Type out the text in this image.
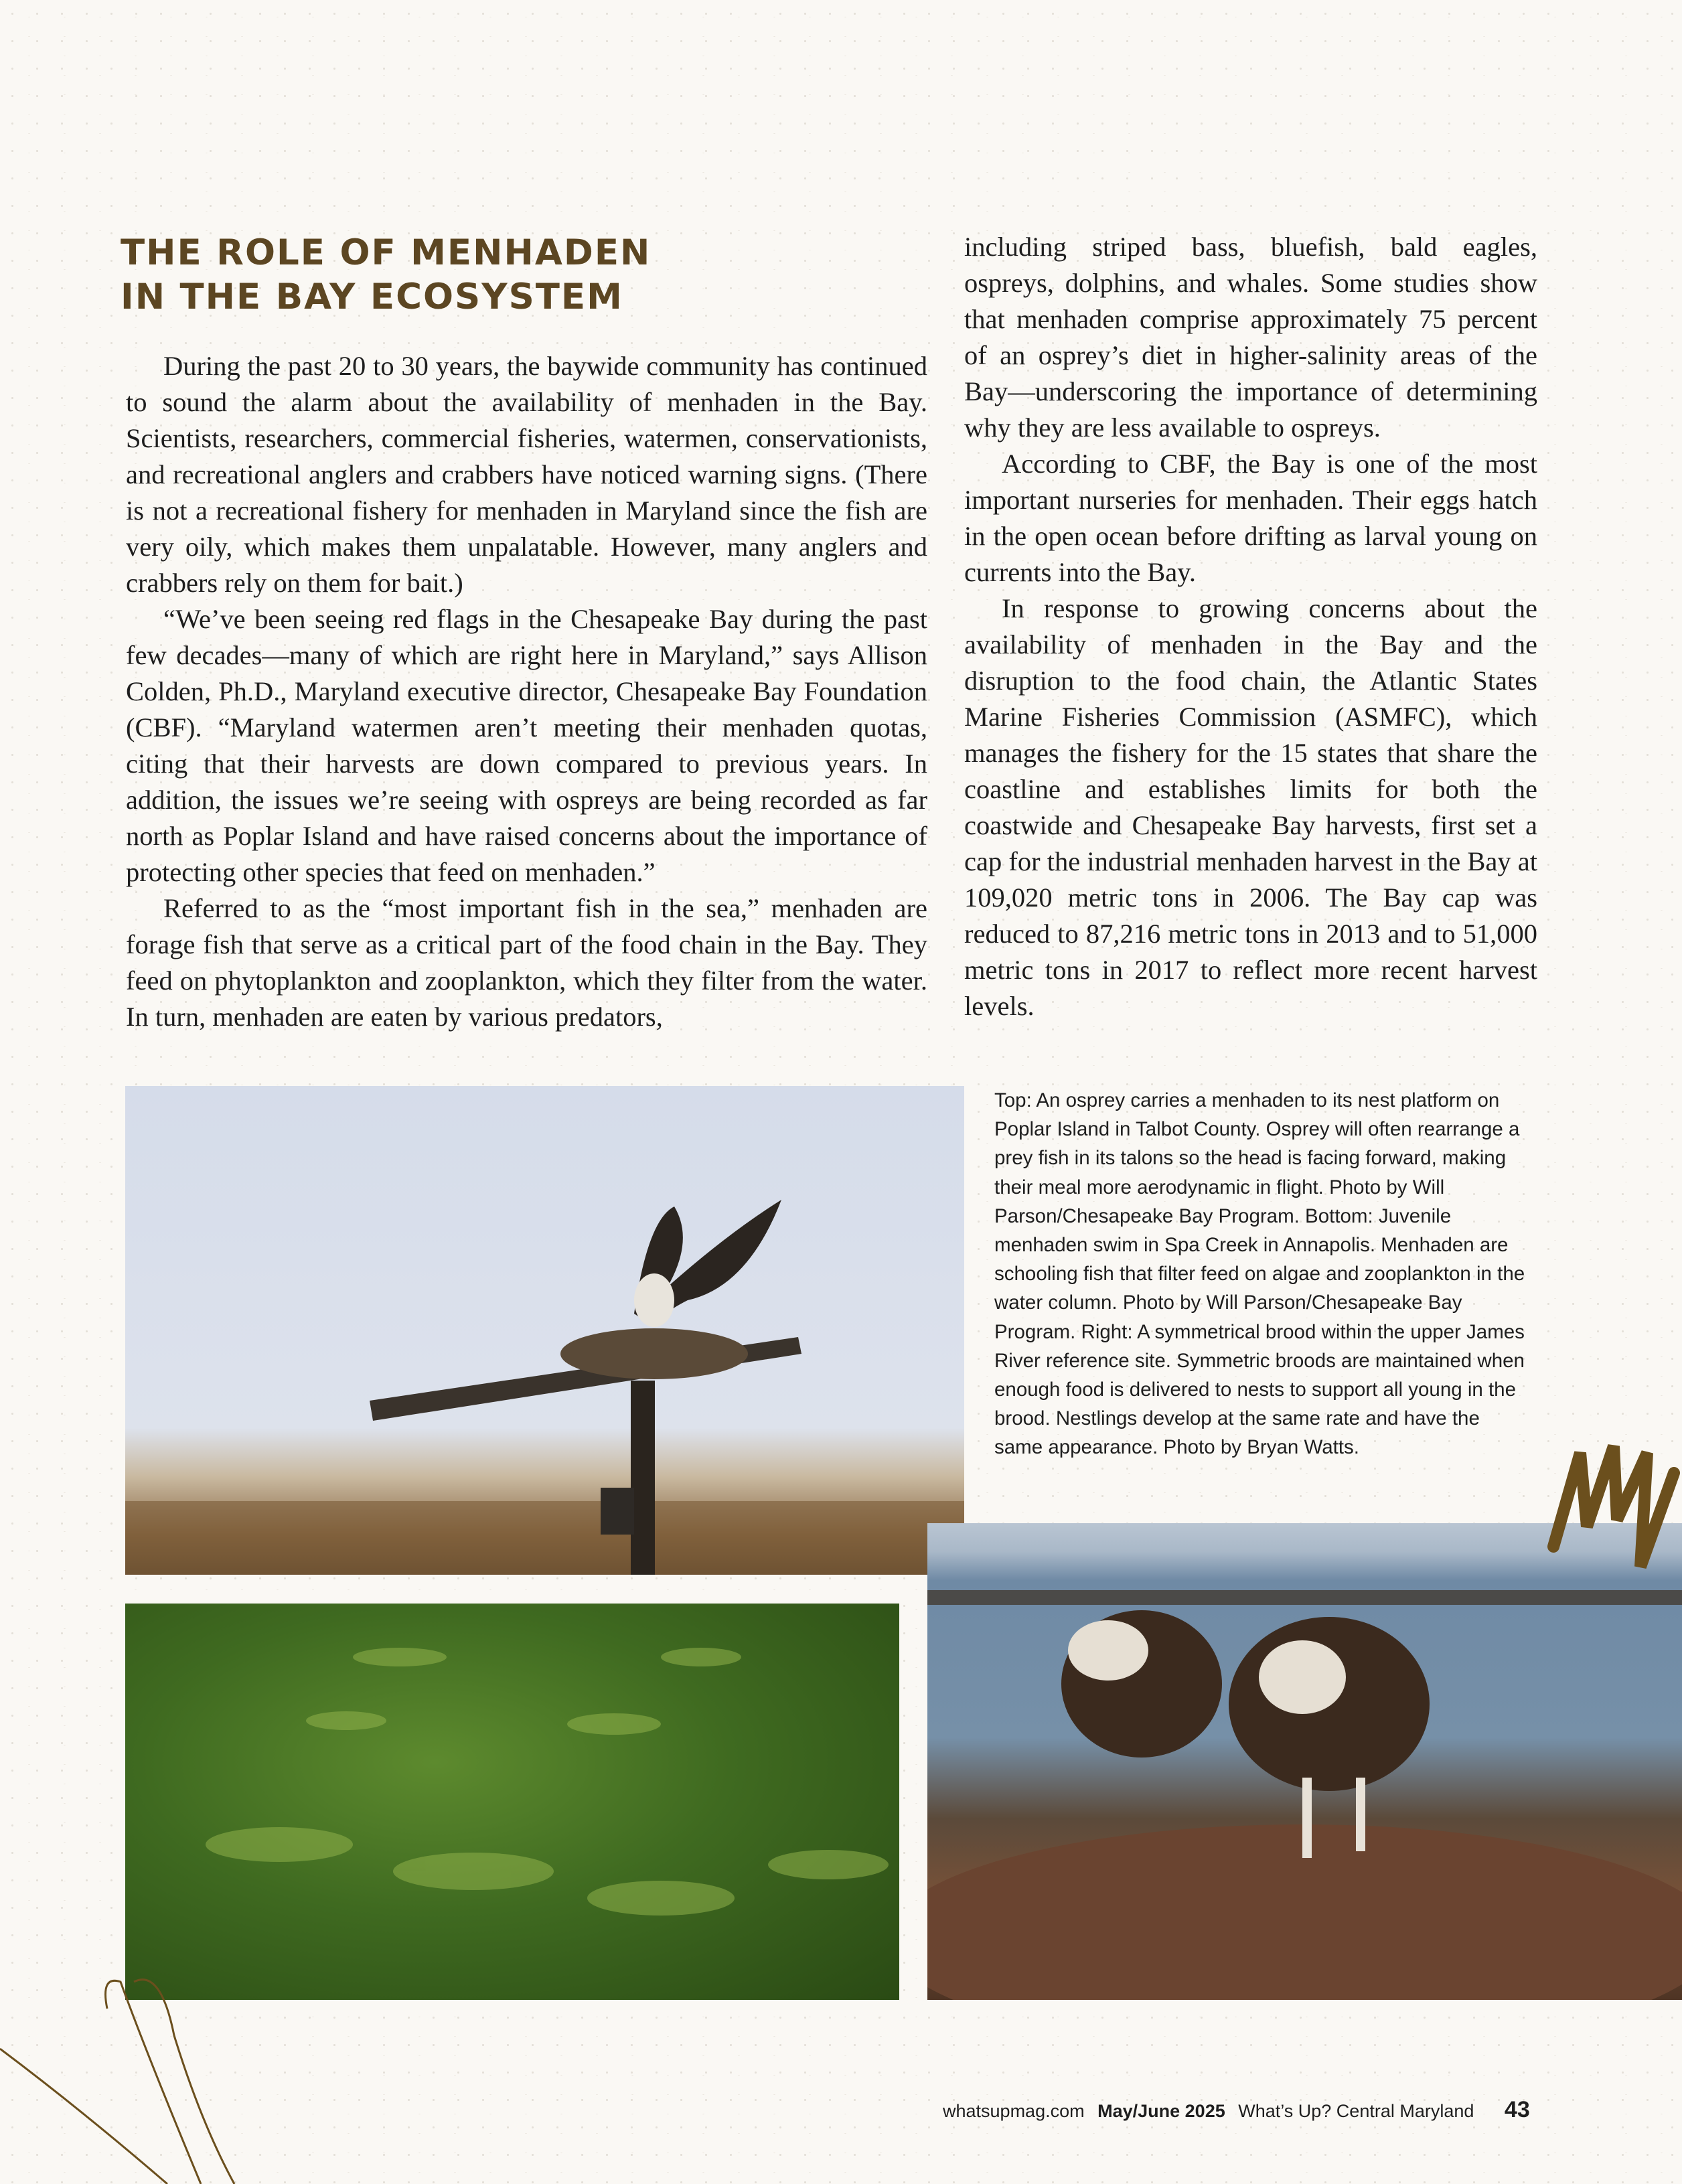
THE ROLE OF MENHADEN
IN THE BAY ECOSYSTEM

During the past 20 to 30 years, the baywide community has continued to sound the alarm about the availability of menhaden in the Bay. Scientists, researchers, commercial fisheries, watermen, conservationists, and recreational anglers and crabbers have noticed warning signs. (There is not a recreational fishery for menhaden in Maryland since the fish are very oily, which makes them unpalatable. However, many anglers and crabbers rely on them for bait.)

“We’ve been seeing red flags in the Chesapeake Bay during the past few decades—many of which are right here in Maryland,” says Allison Colden, Ph.D., Maryland executive director, Chesapeake Bay Foundation (CBF). “Maryland watermen aren’t meeting their menhaden quotas, citing that their harvests are down compared to previous years. In addition, the issues we’re seeing with ospreys are being recorded as far north as Poplar Island and have raised concerns about the importance of protecting other species that feed on menhaden.”

Referred to as the “most important fish in the sea,” menhaden are forage fish that serve as a critical part of the food chain in the Bay. They feed on phytoplankton and zooplankton, which they filter from the water. In turn, menhaden are eaten by various predators,

including striped bass, bluefish, bald eagles, ospreys, dolphins, and whales. Some studies show that menhaden comprise approximately 75 percent of an osprey’s diet in higher-salinity areas of the Bay—underscoring the importance of determining why they are less available to ospreys.

According to CBF, the Bay is one of the most important nurseries for menhaden. Their eggs hatch in the open ocean before drifting as larval young on currents into the Bay.

In response to growing concerns about the availability of menhaden in the Bay and the disruption to the food chain, the Atlantic States Marine Fisheries Commission (ASMFC), which manages the fishery for the 15 states that share the coastline and establishes limits for both the coastwide and Chesapeake Bay harvests, first set a cap for the industrial menhaden harvest in the Bay at 109,020 metric tons in 2006. The Bay cap was reduced to 87,216 metric tons in 2013 and to 51,000 metric tons in 2017 to reflect more recent harvest levels.

Top: An osprey carries a menhaden to its nest platform on Poplar Island in Talbot County. Osprey will often rearrange a prey fish in its talons so the head is facing forward, making their meal more aerodynamic in flight. Photo by Will Parson/Chesapeake Bay Program. Bottom: Juvenile menhaden swim in Spa Creek in Annapolis. Menhaden are schooling fish that filter feed on algae and zooplankton in the water column. Photo by Will Parson/Chesapeake Bay Program. Right: A symmetrical brood within the upper James River reference site. Symmetric broods are maintained when enough food is delivered to nests to support all young in the brood. Nestlings develop at the same rate and have the same appearance. Photo by Bryan Watts.

whatsupmag.com May/June 2025 What’s Up? Central Maryland 43
